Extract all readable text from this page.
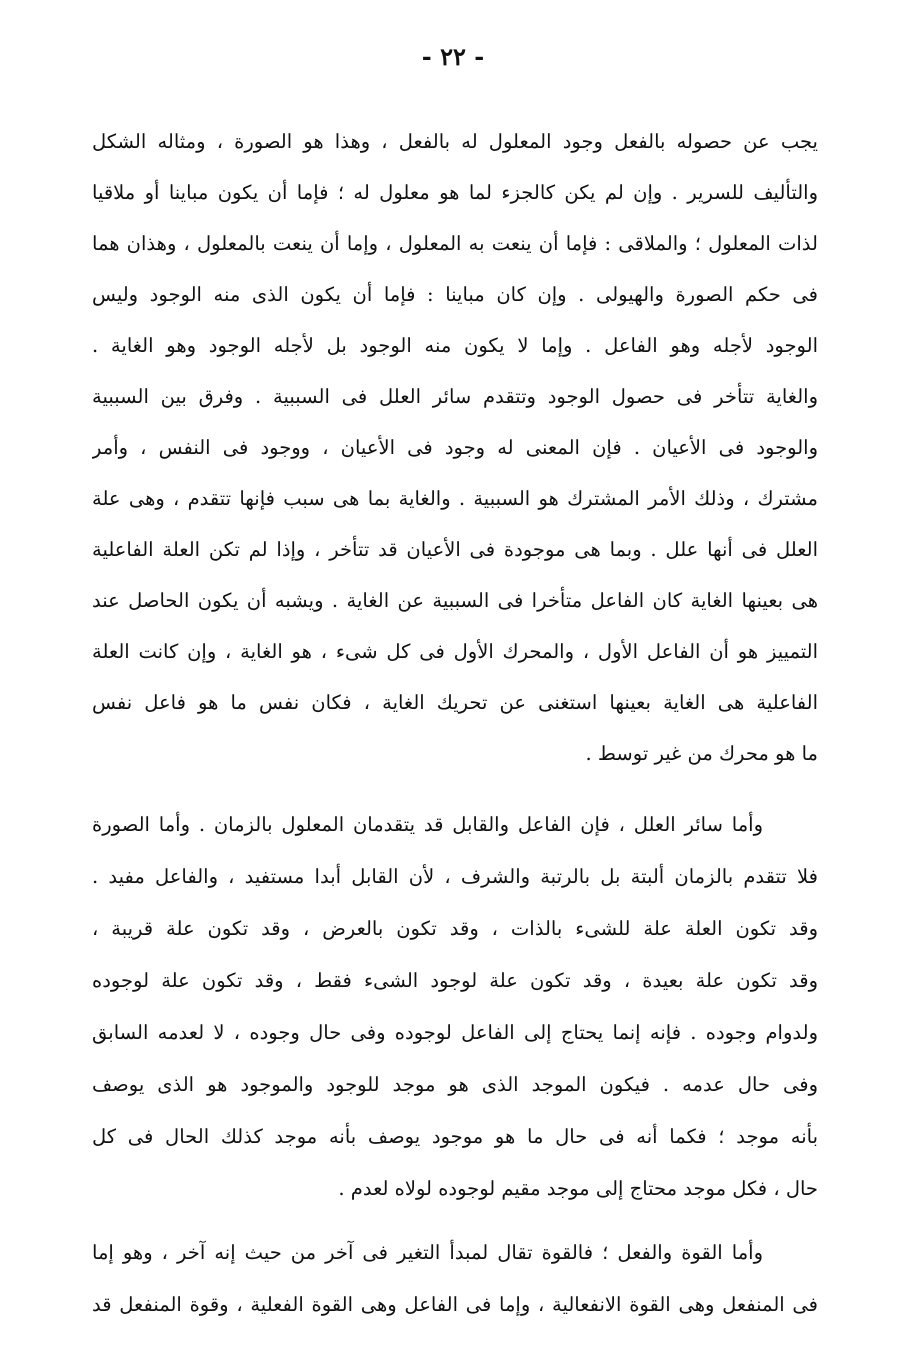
- ٢٢ -
يجب عن حصوله بالفعل وجود المعلول له بالفعل ، وهذا هو الصورة ، ومثاله الشكل
والتأليف للسرير . وإن لم يكن كالجزء لما هو معلول له ؛ فإما أن يكون مباينا أو ملاقيا
لذات المعلول ؛ والملاقى : فإما أن ينعت به المعلول ، وإما أن ينعت بالمعلول ، وهذان هما
فى حكم الصورة والهيولى . وإن كان مباينا : فإما أن يكون الذى منه الوجود وليس
الوجود لأجله وهو الفاعل . وإما لا يكون منه الوجود بل لأجله الوجود وهو الغاية .
والغاية تتأخر فى حصول الوجود وتتقدم سائر العلل فى السببية . وفرق بين السببية
والوجود فى الأعيان . فإن المعنى له وجود فى الأعيان ، ووجود فى النفس ، وأمر
مشترك ، وذلك الأمر المشترك هو السببية . والغاية بما هى سبب فإنها تتقدم ، وهى علة
العلل فى أنها علل . وبما هى موجودة فى الأعيان قد تتأخر ، وإذا لم تكن العلة الفاعلية
هى بعينها الغاية كان الفاعل متأخرا فى السببية عن الغاية . ويشبه أن يكون الحاصل عند
التمييز هو أن الفاعل الأول ، والمحرك الأول فى كل شىء ، هو الغاية ، وإن كانت العلة
الفاعلية هى الغاية بعينها استغنى عن تحريك الغاية ، فكان نفس ما هو فاعل نفس
ما هو محرك من غير توسط .
وأما سائر العلل ، فإن الفاعل والقابل قد يتقدمان المعلول بالزمان . وأما الصورة
فلا تتقدم بالزمان ألبتة بل بالرتبة والشرف ، لأن القابل أبدا مستفيد ، والفاعل مفيد .
وقد تكون العلة علة للشىء بالذات ، وقد تكون بالعرض ، وقد تكون علة قريبة ،
وقد تكون علة بعيدة ، وقد تكون علة لوجود الشىء فقط ، وقد تكون علة لوجوده
ولدوام وجوده . فإنه إنما يحتاج إلى الفاعل لوجوده وفى حال وجوده ، لا لعدمه السابق
وفى حال عدمه . فيكون الموجد الذى هو موجد للوجود والموجود هو الذى يوصف
بأنه موجد ؛ فكما أنه فى حال ما هو موجود يوصف بأنه موجد كذلك الحال فى كل
حال ، فكل موجد محتاج إلى موجد مقيم لوجوده لولاه لعدم .
وأما القوة والفعل ؛ فالقوة تقال لمبدأ التغير فى آخر من حيث إنه آخر ، وهو إما
فى المنفعل وهى القوة الانفعالية ، وإما فى الفاعل وهى القوة الفعلية ، وقوة المنفعل قد
